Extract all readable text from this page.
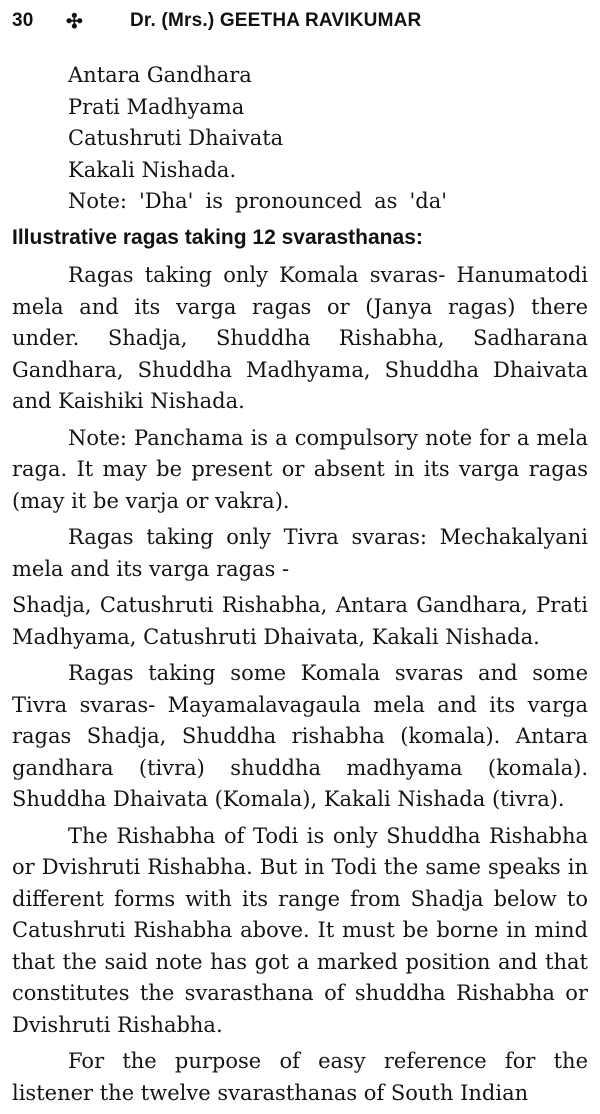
30 ✣ Dr. (Mrs.) GEETHA RAVIKUMAR
Antara Gandhara
Prati Madhyama
Catushruti Dhaivata
Kakali Nishada.
Note: 'Dha' is pronounced as 'da'
Illustrative ragas taking 12 svarasthanas:

Ragas taking only Komala svaras- Hanumatodi mela and its varga ragas or (Janya ragas) there under. Shadja, Shuddha Rishabha, Sadharana Gandhara, Shuddha Madhyama, Shuddha Dhaivata and Kaishiki Nishada.

Note: Panchama is a compulsory note for a mela raga. It may be present or absent in its varga ragas (may it be varja or vakra).

Ragas taking only Tivra svaras: Mechakalyani mela and its varga ragas -

Shadja, Catushruti Rishabha, Antara Gandhara, Prati Madhyama, Catushruti Dhaivata, Kakali Nishada.

Ragas taking some Komala svaras and some Tivra svaras- Mayamalavagaula mela and its varga ragas Shadja, Shuddha rishabha (komala). Antara gandhara (tivra) shuddha madhyama (komala). Shuddha Dhaivata (Komala), Kakali Nishada (tivra).

The Rishabha of Todi is only Shuddha Rishabha or Dvishruti Rishabha. But in Todi the same speaks in different forms with its range from Shadja below to Catushruti Rishabha above. It must be borne in mind that the said note has got a marked position and that constitutes the svarasthana of shuddha Rishabha or Dvishruti Rishabha.

For the purpose of easy reference for the listener the twelve svarasthanas of South Indian
